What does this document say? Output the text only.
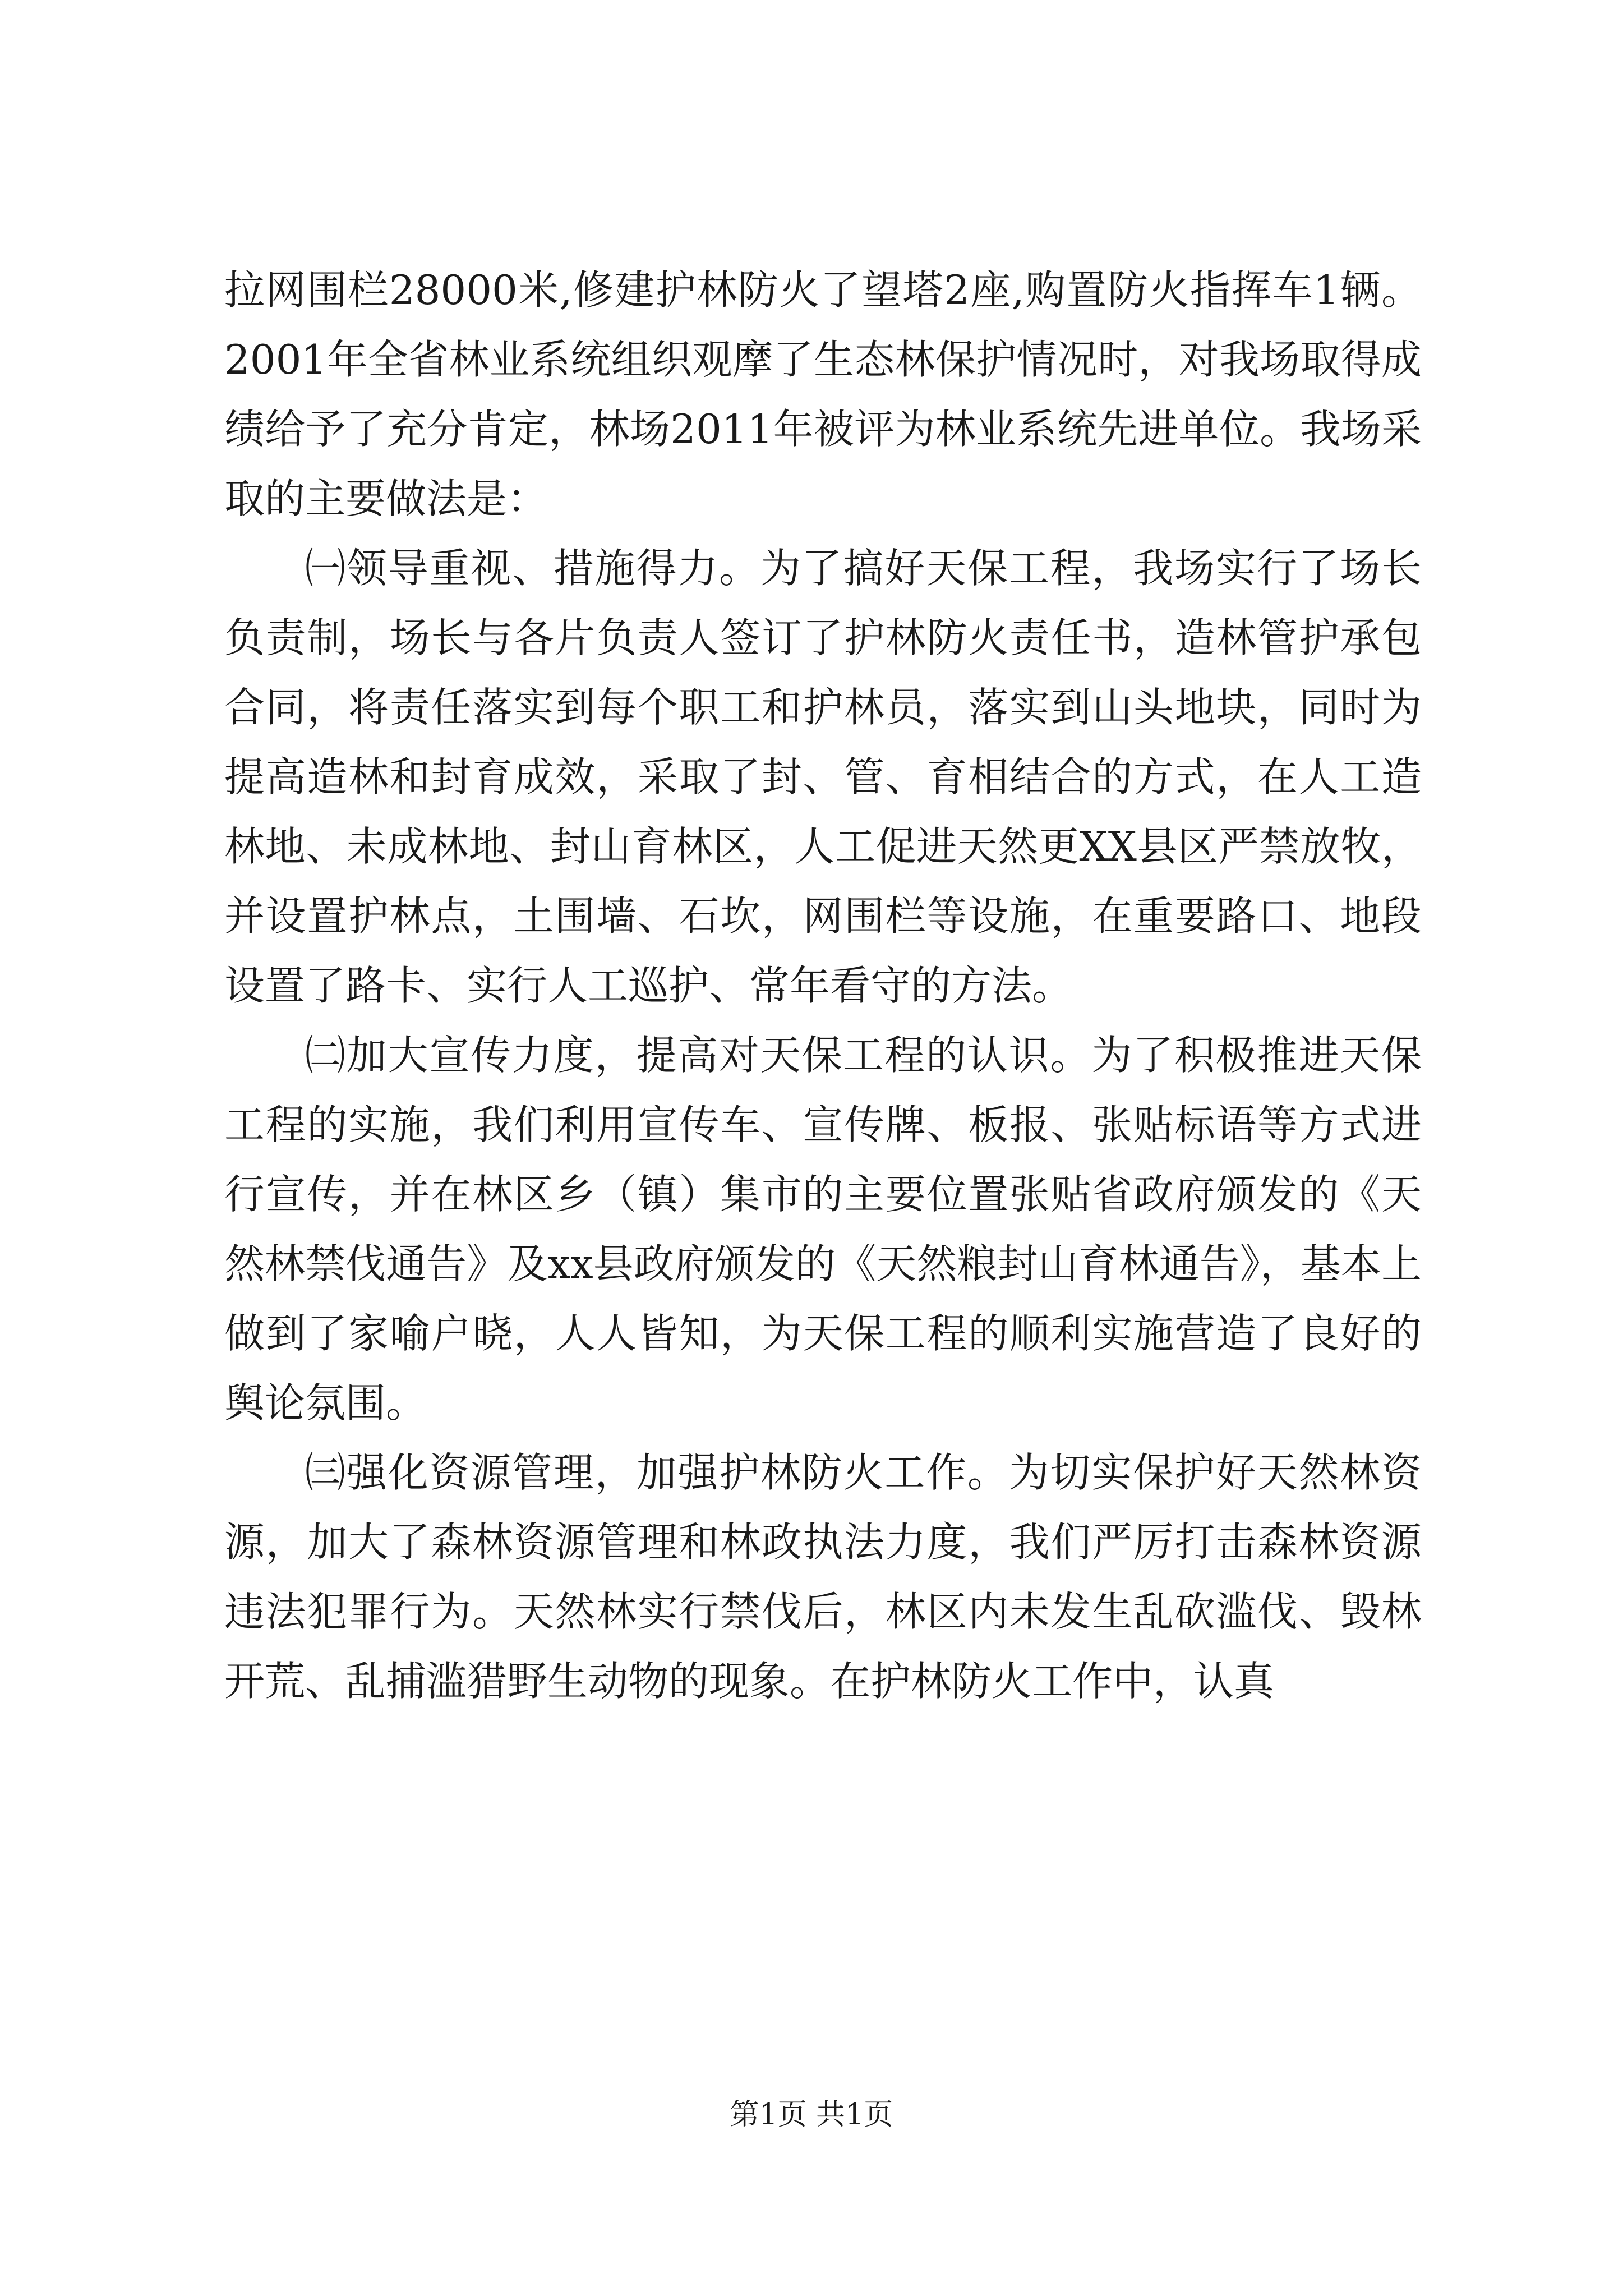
拉网围栏28000米,修建护林防火了望塔2座,购置防火指挥车1辆。2001年全省林业系统组织观摩了生态林保护情况时，对我场取得成绩给予了充分肯定，林场2011年被评为林业系统先进单位。我场采取的主要做法是：

㈠领导重视、措施得力。为了搞好天保工程，我场实行了场长负责制，场长与各片负责人签订了护林防火责任书，造林管护承包合同，将责任落实到每个职工和护林员，落实到山头地块，同时为提高造林和封育成效，采取了封、管、育相结合的方式，在人工造林地、未成林地、封山育林区，人工促进天然更XX县区严禁放牧，并设置护林点，土围墙、石坎，网围栏等设施，在重要路口、地段设置了路卡、实行人工巡护、常年看守的方法。

㈡加大宣传力度，提高对天保工程的认识。为了积极推进天保工程的实施，我们利用宣传车、宣传牌、板报、张贴标语等方式进行宣传，并在林区乡（镇）集市的主要位置张贴省政府颁发的《天然林禁伐通告》及xx县政府颁发的《天然粮封山育林通告》，基本上做到了家喻户晓，人人皆知，为天保工程的顺利实施营造了良好的舆论氛围。

㈢强化资源管理，加强护林防火工作。为切实保护好天然林资源，加大了森林资源管理和林政执法力度，我们严厉打击森林资源违法犯罪行为。天然林实行禁伐后，林区内未发生乱砍滥伐、毁林开荒、乱捕滥猎野生动物的现象。在护林防火工作中，认真

第1页 共1页
